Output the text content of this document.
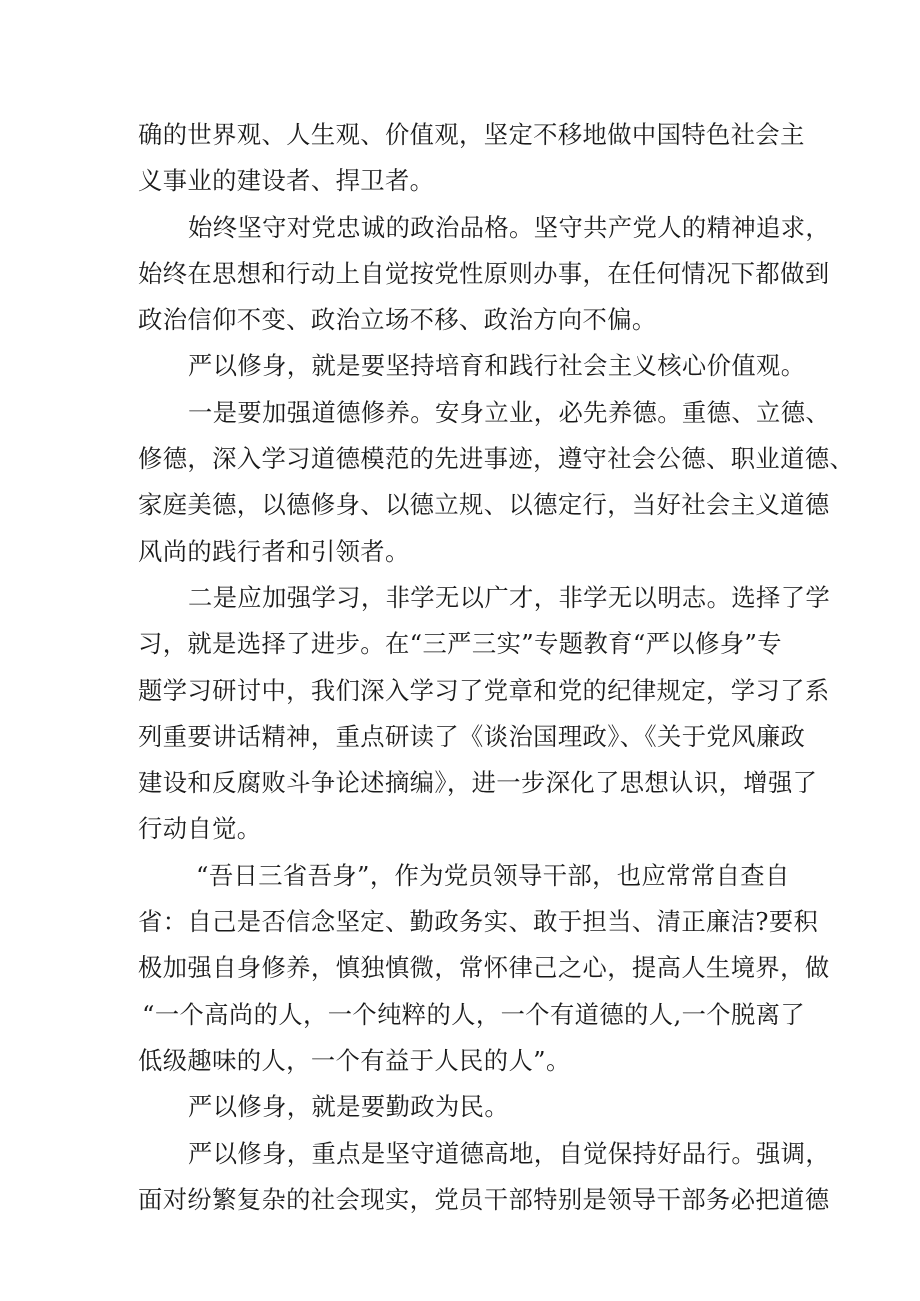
确的世界观、人生观、价值观，坚定不移地做中国特色社会主
义事业的建设者、捍卫者。
始终坚守对党忠诚的政治品格。坚守共产党人的精神追求，
始终在思想和行动上自觉按党性原则办事，在任何情况下都做到
政治信仰不变、政治立场不移、政治方向不偏。
严以修身，就是要坚持培育和践行社会主义核心价值观。
一是要加强道德修养。安身立业，必先养德。重德、立德、
修德，深入学习道德模范的先进事迹，遵守社会公德、职业道德、
家庭美德，以德修身、以德立规、以德定行，当好社会主义道德
风尚的践行者和引领者。
二是应加强学习，非学无以广才，非学无以明志。选择了学
习，就是选择了进步。在“三严三实”专题教育“严以修身”专
题学习研讨中，我们深入学习了党章和党的纪律规定，学习了系
列重要讲话精神，重点研读了《谈治国理政》、《关于党风廉政
建设和反腐败斗争论述摘编》，进一步深化了思想认识，增强了
行动自觉。
“吾日三省吾身”，作为党员领导干部，也应常常自查自
省：自己是否信念坚定、勤政务实、敢于担当、清正廉洁?要积
极加强自身修养，慎独慎微，常怀律己之心，提高人生境界，做
“一个高尚的人，一个纯粹的人，一个有道德的人,一个脱离了
低级趣味的人，一个有益于人民的人”。
严以修身，就是要勤政为民。
严以修身，重点是坚守道德高地，自觉保持好品行。强调，
面对纷繁复杂的社会现实，党员干部特别是领导干部务必把道德
